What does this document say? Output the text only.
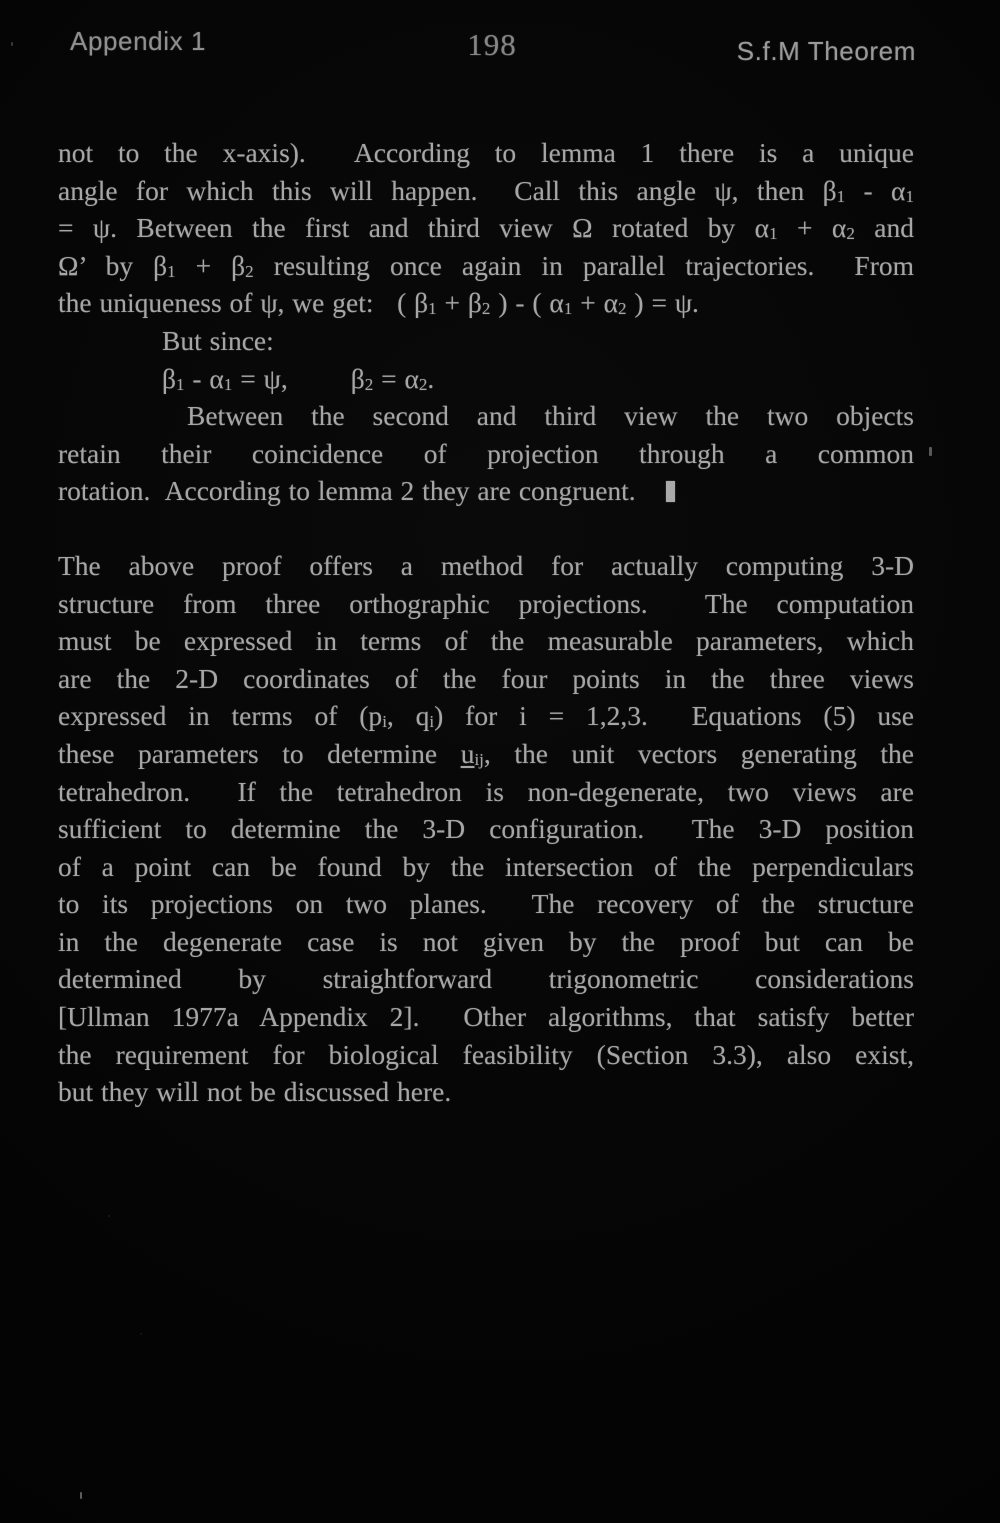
Appendix 1	198	S.f.M Theorem
not to the x-axis).  According to lemma 1 there is a unique
angle for which this will happen.  Call this angle ψ, then $\beta_1 - \alpha_1$
= ψ. Between the first and third view Ω rotated by $\alpha_1 + \alpha_2$ and
Ω’ by $\beta_1 + \beta_2$ resulting once again in parallel trajectories.  From
the uniqueness of ψ, we get:   ( $\beta_1 + \beta_2$ ) - ( $\alpha_1 + \alpha_2$ ) = ψ.
But since:
$\beta_1 - \alpha_1 = \psi$,        $\beta_2 = \alpha_2$.
Between the second and third view the two objects
retain their coincidence of projection through a common
rotation.  According to lemma 2 they are congruent.
The above proof offers a method for actually computing 3-D
structure from three orthographic projections.  The computation
must be expressed in terms of the measurable parameters, which
are the 2-D coordinates of the four points in the three views
expressed in terms of ($p_i$, $q_i$) for i = 1,2,3.  Equations (5) use
these parameters to determine $u_{ij}$, the unit vectors generating the
tetrahedron.  If the tetrahedron is non-degenerate, two views are
sufficient to determine the 3-D configuration.  The 3-D position
of a point can be found by the intersection of the perpendiculars
to its projections on two planes.  The recovery of the structure
in the degenerate case is not given by the proof but can be
determined by straightforward trigonometric considerations
[Ullman 1977a Appendix 2].  Other algorithms, that satisfy better
the requirement for biological feasibility (Section 3.3), also exist,
but they will not be discussed here.
